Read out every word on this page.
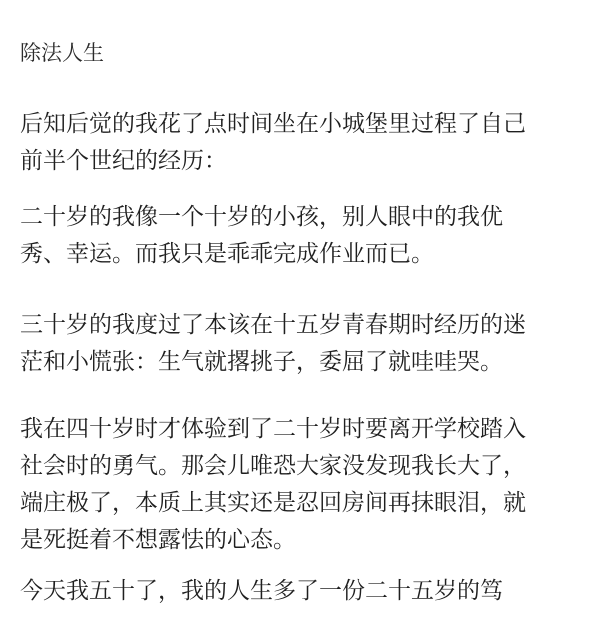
除法人生

后知后觉的我花了点时间坐在小城堡里过程了自己
前半个世纪的经历：

二十岁的我像一个十岁的小孩，别人眼中的我优
秀、幸运。而我只是乖乖完成作业而已。

三十岁的我度过了本该在十五岁青春期时经历的迷
茫和小慌张：生气就撂挑子，委屈了就哇哇哭。

我在四十岁时才体验到了二十岁时要离开学校踏入
社会时的勇气。那会儿唯恐大家没发现我长大了，
端庄极了，本质上其实还是忍回房间再抹眼泪，就
是死挺着不想露怯的心态。

今天我五十了，我的人生多了一份二十五岁的笃
